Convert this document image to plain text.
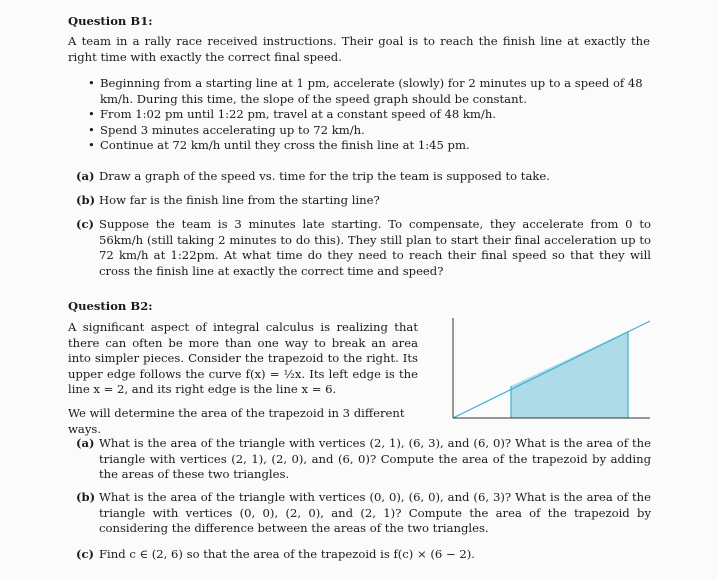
Question B1:
A team in a rally race received instructions. Their goal is to reach the finish line at exactly the right time with exactly the correct final speed.
• Beginning from a starting line at 1 pm, accelerate (slowly) for 2 minutes up to a speed of 48 km/h. During this time, the slope of the speed graph should be constant.
• From 1:02 pm until 1:22 pm, travel at a constant speed of 48 km/h.
• Spend 3 minutes accelerating up to 72 km/h.
• Continue at 72 km/h until they cross the finish line at 1:45 pm.
(a) Draw a graph of the speed vs. time for the trip the team is supposed to take.
(b) How far is the finish line from the starting line?
(c) Suppose the team is 3 minutes late starting. To compensate, they accelerate from 0 to 56km/h (still taking 2 minutes to do this). They still plan to start their final acceleration up to 72 km/h at 1:22pm. At what time do they need to reach their final speed so that they will cross the finish line at exactly the correct time and speed?
Question B2:
A significant aspect of integral calculus is realizing that there can often be more than one way to break an area into simpler pieces. Consider the trapezoid to the right. Its upper edge follows the curve f(x) = ½x. Its left edge is the line x = 2, and its right edge is the line x = 6.
We will determine the area of the trapezoid in 3 different ways.
(a) What is the area of the triangle with vertices (2, 1), (6, 3), and (6, 0)? What is the area of the triangle with vertices (2, 1), (2, 0), and (6, 0)? Compute the area of the trapezoid by adding the areas of these two triangles.
(b) What is the area of the triangle with vertices (0, 0), (6, 0), and (6, 3)? What is the area of the triangle with vertices (0, 0), (2, 0), and (2, 1)? Compute the area of the trapezoid by considering the difference between the areas of the two triangles.
(c) Find c ∈ (2, 6) so that the area of the trapezoid is f(c) × (6 − 2).
